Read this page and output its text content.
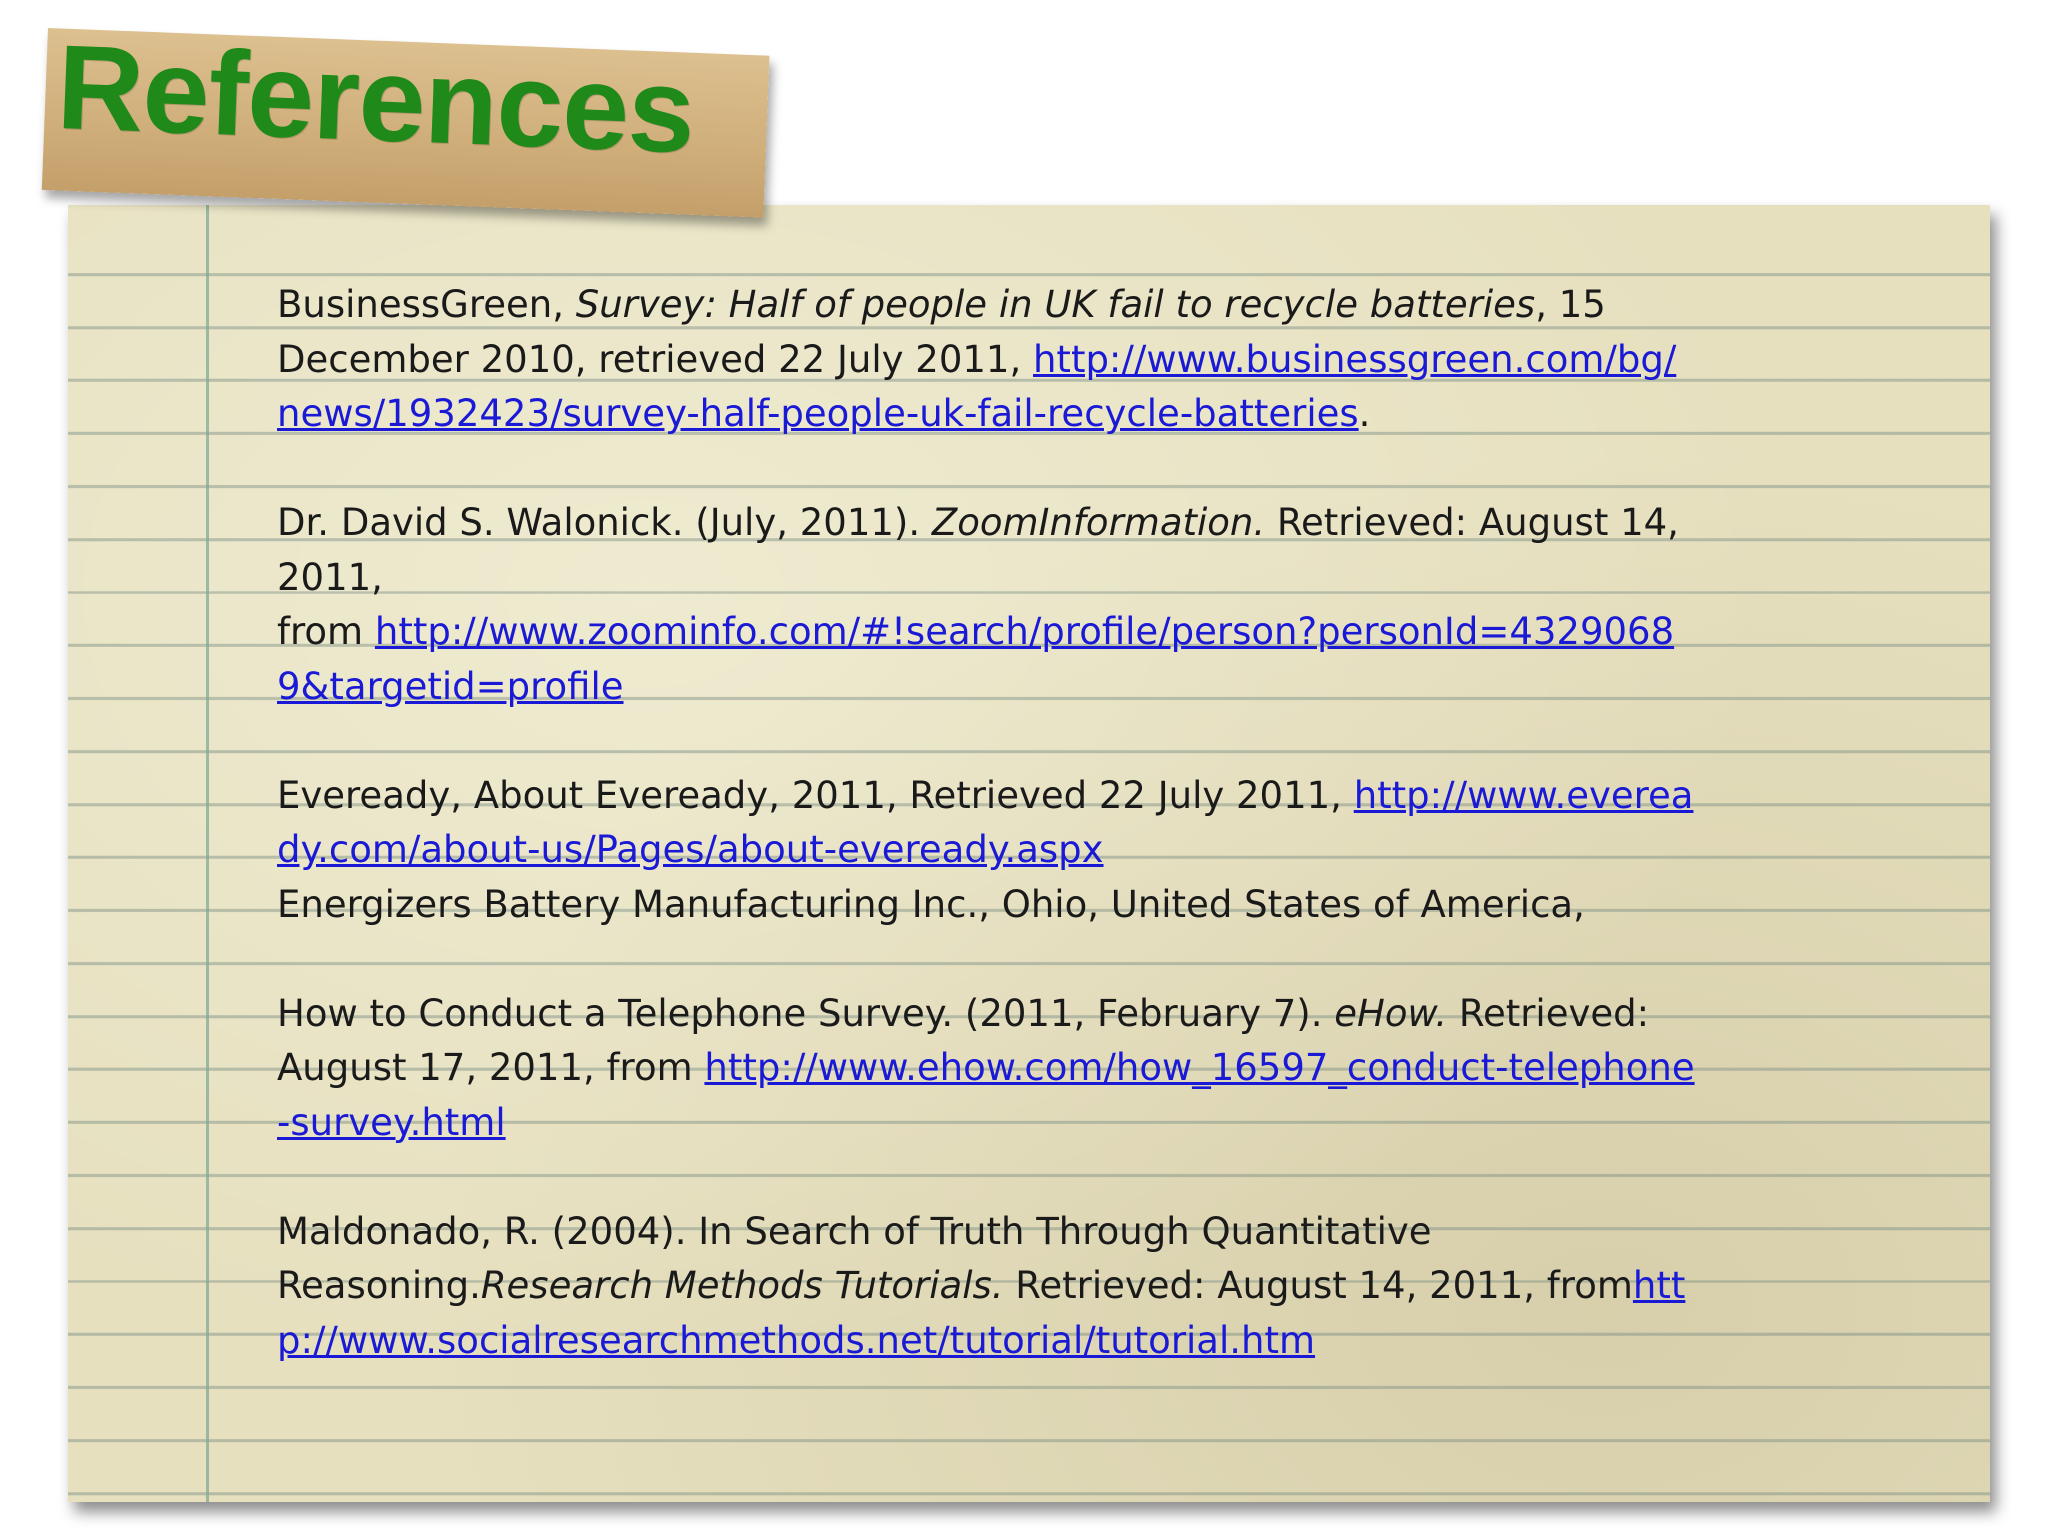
References

BusinessGreen, Survey: Half of people in UK fail to recycle batteries, 15 December 2010, retrieved 22 July 2011, http://www.businessgreen.com/bg/news/1932423/survey-half-people-uk-fail-recycle-batteries.

Dr. David S. Walonick. (July, 2011). ZoomInformation. Retrieved: August 14, 2011,
from http://www.zoominfo.com/#!search/profile/person?personId=43290689&targetid=profile

Eveready, About Eveready, 2011, Retrieved 22 July 2011, http://www.eveready.com/about-us/Pages/about-eveready.aspx
Energizers Battery Manufacturing Inc., Ohio, United States of America,

How to Conduct a Telephone Survey. (2011, February 7). eHow. Retrieved: August 17, 2011, from http://www.ehow.com/how_16597_conduct-telephone-survey.html

Maldonado, R. (2004). In Search of Truth Through Quantitative Reasoning.Research Methods Tutorials. Retrieved: August 14, 2011, fromhttp://www.socialresearchmethods.net/tutorial/tutorial.htm
